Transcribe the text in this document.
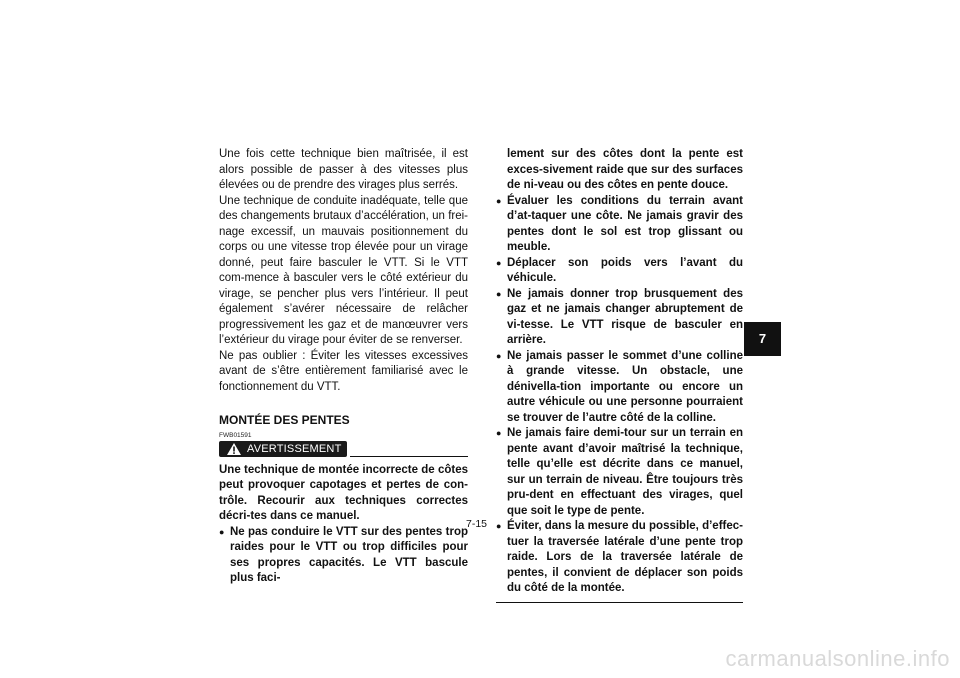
Une fois cette technique bien maîtrisée, il est alors possible de passer à des vitesses plus élevées ou de prendre des virages plus serrés.

Une technique de conduite inadéquate, telle que des changements brutaux d’accélération, un frei-nage excessif, un mauvais positionnement du corps ou une vitesse trop élevée pour un virage donné, peut faire basculer le VTT. Si le VTT com-mence à basculer vers le côté extérieur du virage, se pencher plus vers l’intérieur. Il peut également s’avérer nécessaire de relâcher progressivement les gaz et de manœuvrer vers l’extérieur du virage pour éviter de se renverser.

Ne pas oublier : Éviter les vitesses excessives avant de s’être entièrement familiarisé avec le fonctionnement du VTT.

MONTÉE DES PENTES
FWB01591
AVERTISSEMENT

Une technique de montée incorrecte de côtes peut provoquer capotages et pertes de con-trôle. Recourir aux techniques correctes décri-tes dans ce manuel.

● Ne pas conduire le VTT sur des pentes trop raides pour le VTT ou trop difficiles pour ses propres capacités. Le VTT bascule plus faci-

lement sur des côtes dont la pente est exces-sivement raide que sur des surfaces de ni-veau ou des côtes en pente douce.

● Évaluer les conditions du terrain avant d’at-taquer une côte. Ne jamais gravir des pentes dont le sol est trop glissant ou meuble.
● Déplacer son poids vers l’avant du véhicule.
● Ne jamais donner trop brusquement des gaz et ne jamais changer abruptement de vi-tesse. Le VTT risque de basculer en arrière.
● Ne jamais passer le sommet d’une colline à grande vitesse. Un obstacle, une dénivella-tion importante ou encore un autre véhicule ou une personne pourraient se trouver de l’autre côté de la colline.
● Ne jamais faire demi-tour sur un terrain en pente avant d’avoir maîtrisé la technique, telle qu’elle est décrite dans ce manuel, sur un terrain de niveau. Être toujours très pru-dent en effectuant des virages, quel que soit le type de pente.
● Éviter, dans la mesure du possible, d’effec-tuer la traversée latérale d’une pente trop raide. Lors de la traversée latérale de pentes, il convient de déplacer son poids du côté de la montée.
7
7-15
carmanualsonline.info
